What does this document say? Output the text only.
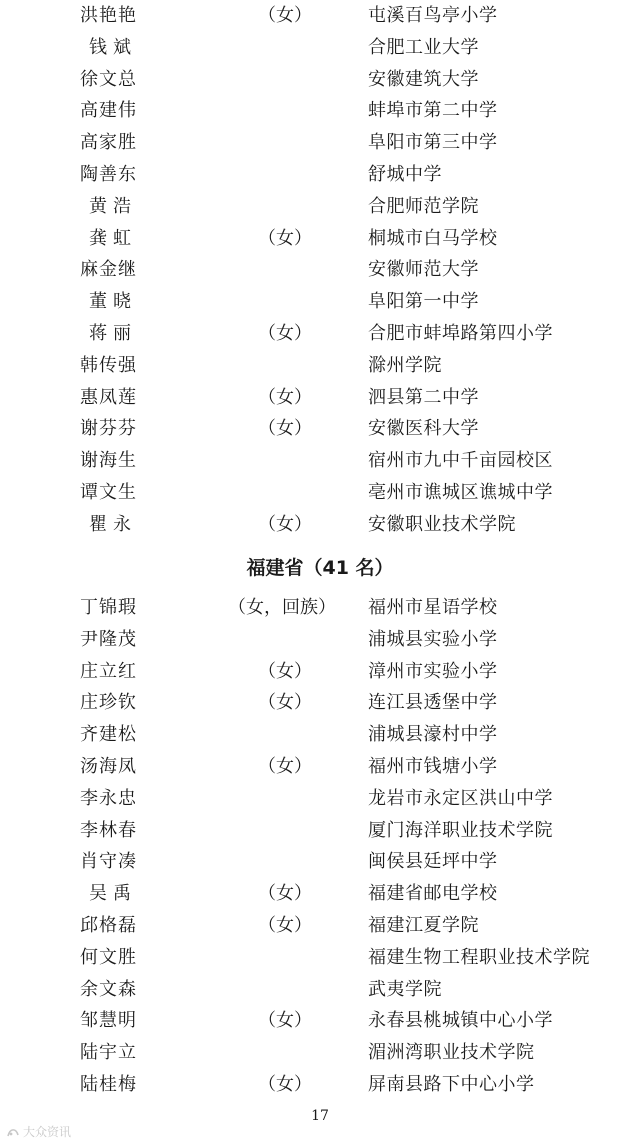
洪艳艳	（女）	屯溪百鸟亭小学
钱斌	合肥工业大学
徐文总	安徽建筑大学
高建伟	蚌埠市第二中学
高家胜	阜阳市第三中学
陶善东	舒城中学
黄浩	合肥师范学院
龚虹	（女）	桐城市白马学校
麻金继	安徽师范大学
董晓	阜阳第一中学
蒋丽	（女）	合肥市蚌埠路第四小学
韩传强	滁州学院
惠凤莲	（女）	泗县第二中学
谢芬芬	（女）	安徽医科大学
谢海生	宿州市九中千亩园校区
谭文生	亳州市谯城区谯城中学
瞿永	（女）	安徽职业技术学院
福建省（41 名）
丁锦瑕	（女，回族） 福州市星语学校
尹隆茂	浦城县实验小学
庄立红	（女）	漳州市实验小学
庄珍钦	（女）	连江县透堡中学
齐建松	浦城县濠村中学
汤海凤	（女）	福州市钱塘小学
李永忠	龙岩市永定区洪山中学
李林春	厦门海洋职业技术学院
肖守凑	闽侯县廷坪中学
吴禹	（女）	福建省邮电学校
邱格磊	（女）	福建江夏学院
何文胜	福建生物工程职业技术学院
余文森	武夷学院
邹慧明	（女）	永春县桃城镇中心小学
陆宇立	湄洲湾职业技术学院
陆桂梅	（女）	屏南县路下中心小学
17
大众资讯
